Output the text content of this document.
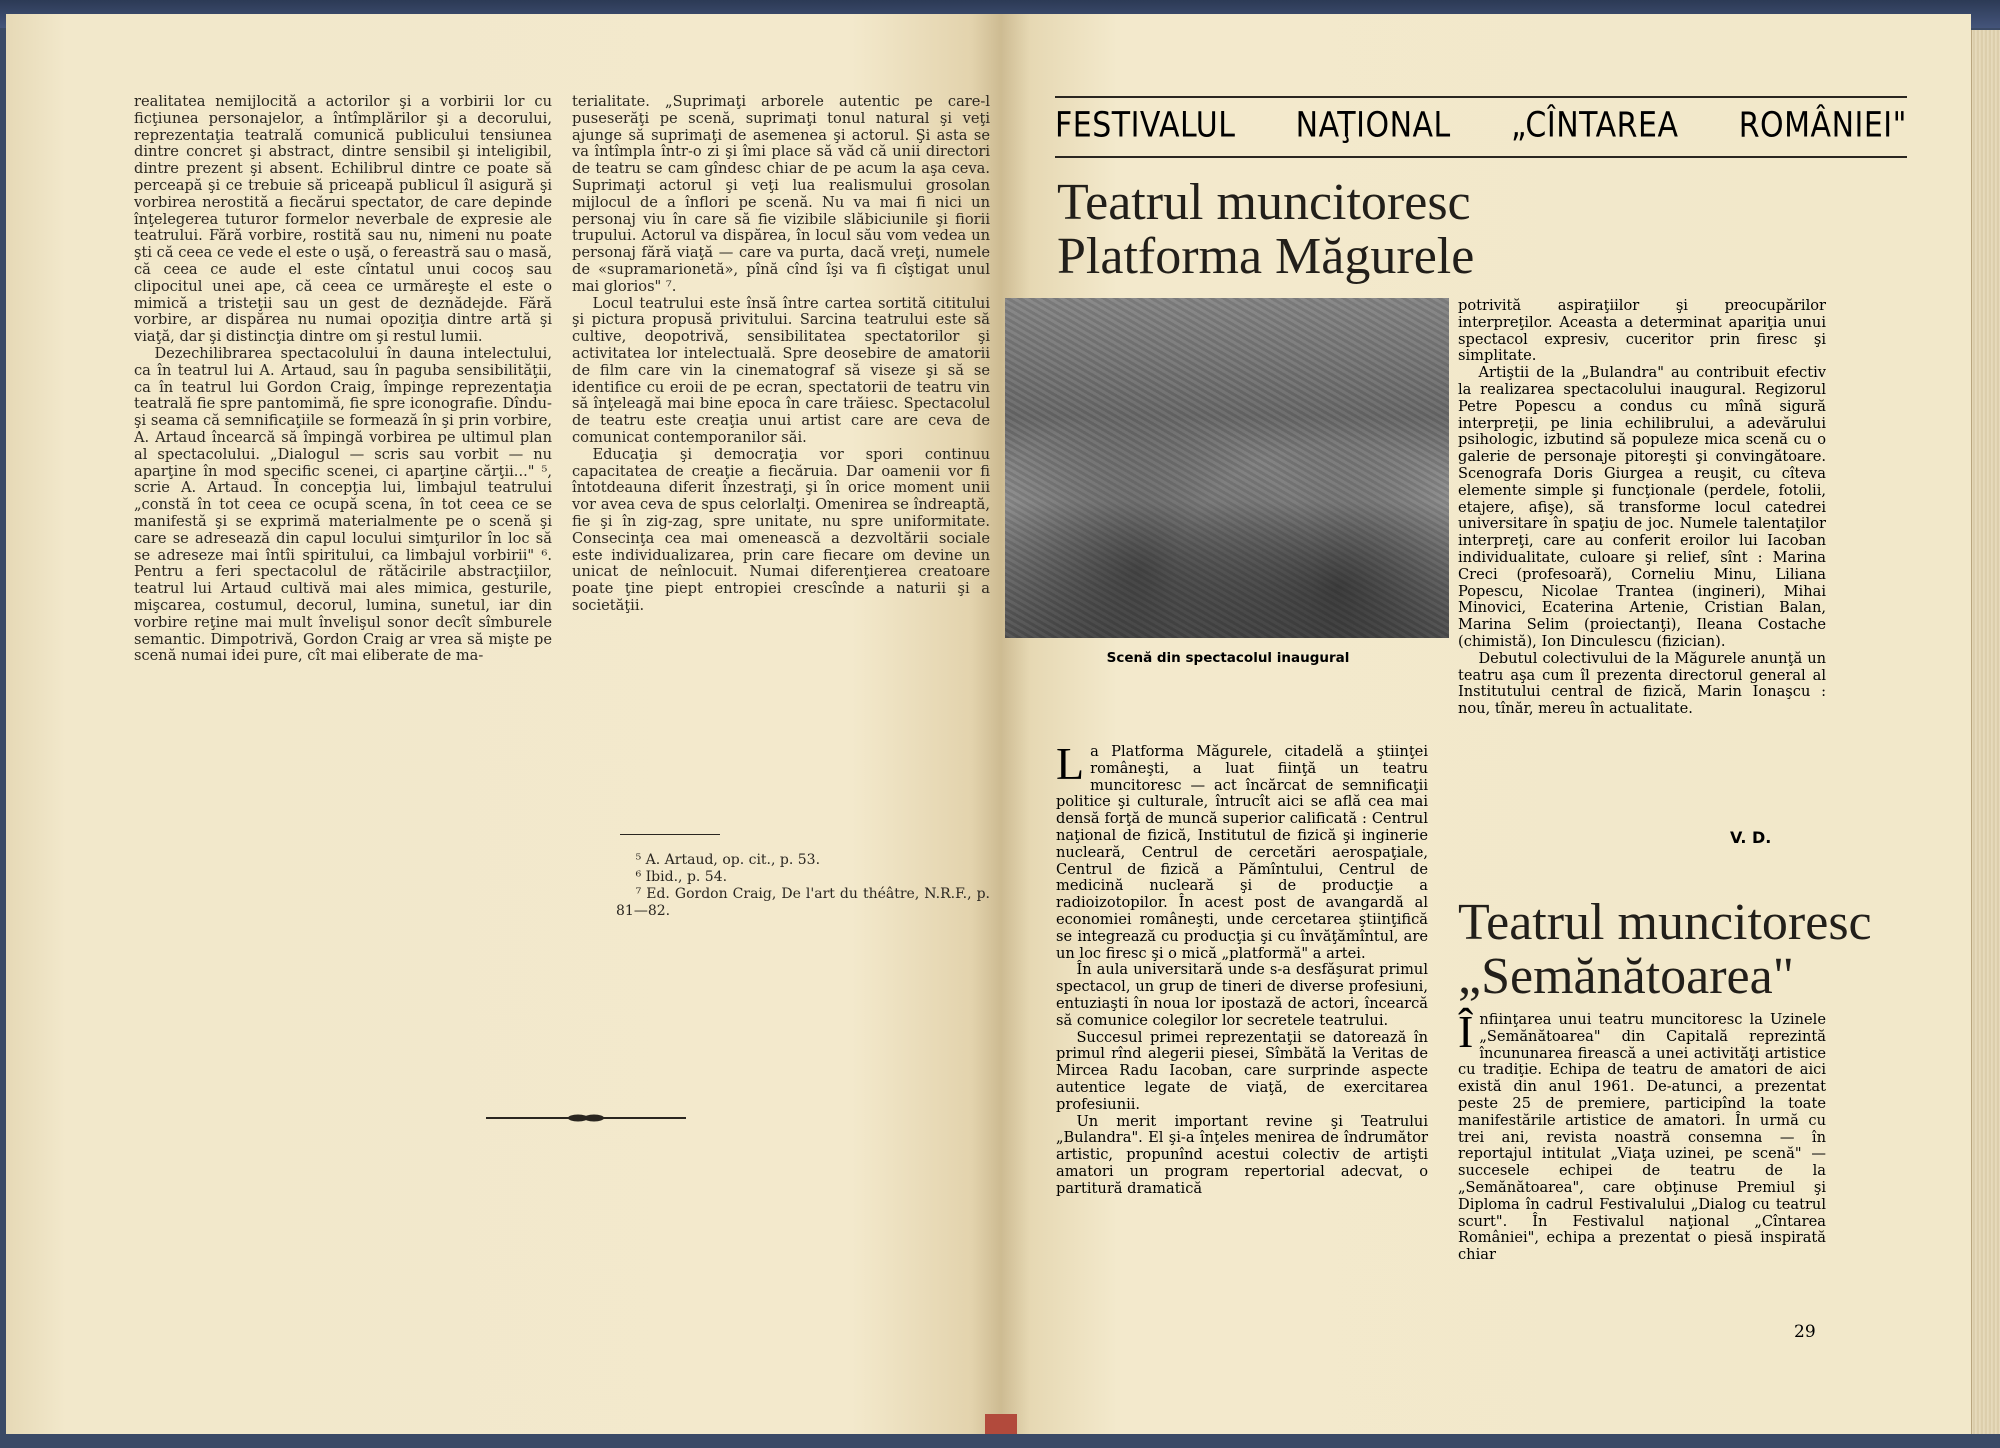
realitatea nemijlocită a actorilor şi a vorbirii lor cu ficţiunea personajelor, a întîmplărilor şi a decorului, reprezentaţia teatrală comunică publicului tensiunea dintre concret şi abstract, dintre sensibil şi inteligibil, dintre prezent şi absent. Echilibrul dintre ce poate să perceapă şi ce trebuie să priceapă publicul îl asigură şi vorbirea nerostită a fiecărui spectator, de care depinde înţelegerea tuturor formelor neverbale de expresie ale teatrului. Fără vorbire, rostită sau nu, nimeni nu poate şti că ceea ce vede el este o uşă, o fereastră sau o masă, că ceea ce aude el este cîntatul unui cocoş sau clipocitul unei ape, că ceea ce urmăreşte el este o mimică a tristeţii sau un gest de deznădejde. Fără vorbire, ar dispărea nu numai opoziţia dintre artă şi viaţă, dar şi distincţia dintre om şi restul lumii.

Dezechilibrarea spectacolului în dauna intelectului, ca în teatrul lui A. Artaud, sau în paguba sensibilităţii, ca în teatrul lui Gordon Craig, împinge reprezentaţia teatrală fie spre pantomimă, fie spre iconografie. Dîndu-şi seama că semnificaţiile se formează în şi prin vorbire, A. Artaud încearcă să împingă vorbirea pe ultimul plan al spectacolului. „Dialogul — scris sau vorbit — nu aparţine în mod specific scenei, ci aparţine cărţii..." ⁵, scrie A. Artaud. În concepţia lui, limbajul teatrului „constă în tot ceea ce ocupă scena, în tot ceea ce se manifestă şi se exprimă materialmente pe o scenă şi care se adresează din capul locului simţurilor în loc să se adreseze mai întîi spiritului, ca limbajul vorbirii" ⁶. Pentru a feri spectacolul de rătăcirile abstracţiilor, teatrul lui Artaud cultivă mai ales mimica, gesturile, mişcarea, costumul, decorul, lumina, sunetul, iar din vorbire reţine mai mult învelişul sonor decît sîmburele semantic. Dimpotrivă, Gordon Craig ar vrea să mişte pe scenă numai idei pure, cît mai eliberate de ma-

terialitate. „Suprimaţi arborele autentic pe care-l puseserăţi pe scenă, suprimaţi tonul natural şi veţi ajunge să suprimaţi de asemenea şi actorul. Şi asta se va întîmpla într-o zi şi îmi place să văd că unii directori de teatru se cam gîndesc chiar de pe acum la aşa ceva. Suprimaţi actorul şi veţi lua realismului grosolan mijlocul de a înflori pe scenă. Nu va mai fi nici un personaj viu în care să fie vizibile slăbiciunile şi fiorii trupului. Actorul va dispărea, în locul său vom vedea un personaj fără viaţă — care va purta, dacă vreţi, numele de «supramarionetă», pînă cînd îşi va fi cîştigat unul mai glorios" ⁷.

Locul teatrului este însă între cartea sortită cititului şi pictura propusă privitului. Sarcina teatrului este să cultive, deopotrivă, sensibilitatea spectatorilor şi activitatea lor intelectuală. Spre deosebire de amatorii de film care vin la cinematograf să viseze şi să se identifice cu eroii de pe ecran, spectatorii de teatru vin să înţeleagă mai bine epoca în care trăiesc. Spectacolul de teatru este creaţia unui artist care are ceva de comunicat contemporanilor săi.

Educaţia şi democraţia vor spori continuu capacitatea de creaţie a fiecăruia. Dar oamenii vor fi întotdeauna diferit înzestraţi, şi în orice moment unii vor avea ceva de spus celorlalţi. Omenirea se îndreaptă, fie şi în zig-zag, spre unitate, nu spre uniformitate. Consecinţa cea mai omenească a dezvoltării sociale este individualizarea, prin care fiecare om devine un unicat de neînlocuit. Numai diferenţierea creatoare poate ţine piept entropiei crescînde a naturii şi a societăţii.

⁵ A. Artaud, op. cit., p. 53.

⁶ Ibid., p. 54.

⁷ Ed. Gordon Craig, De l'art du théâtre, N.R.F., p. 81—82.

FESTIVALUL NAŢIONAL „CÎNTAREA ROMÂNIEI"
Teatrul muncitoresc
Platforma Măgurele
Scenă din spectacolul inaugural

La Platforma Măgurele, citadelă a ştiinţei româneşti, a luat fiinţă un teatru muncitoresc — act încărcat de semnificaţii politice şi culturale, întrucît aici se află cea mai densă forţă de muncă superior calificată : Centrul naţional de fizică, Institutul de fizică şi inginerie nucleară, Centrul de cercetări aerospaţiale, Centrul de fizică a Pămîntului, Centrul de medicină nucleară şi de producţie a radioizotopilor. În acest post de avangardă al economiei româneşti, unde cercetarea ştiinţifică se integrează cu producţia şi cu învăţămîntul, are un loc firesc şi o mică „platformă" a artei.

În aula universitară unde s-a desfăşurat primul spectacol, un grup de tineri de diverse profesiuni, entuziaşti în noua lor ipostază de actori, încearcă să comunice colegilor lor secretele teatrului.

Succesul primei reprezentaţii se datorează în primul rînd alegerii piesei, Sîmbătă la Veritas de Mircea Radu Iacoban, care surprinde aspecte autentice legate de viaţă, de exercitarea profesiunii.

Un merit important revine şi Teatrului „Bulandra". El şi-a înţeles menirea de îndrumător artistic, propunînd acestui colectiv de artişti amatori un program repertorial adecvat, o partitură dramatică

potrivită aspiraţiilor şi preocupărilor interpreţilor. Aceasta a determinat apariţia unui spectacol expresiv, cuceritor prin firesc şi simplitate.

Artiştii de la „Bulandra" au contribuit efectiv la realizarea spectacolului inaugural. Regizorul Petre Popescu a condus cu mînă sigură interpreţii, pe linia echilibrului, a adevărului psihologic, izbutind să populeze mica scenă cu o galerie de personaje pitoreşti şi convingătoare. Scenografa Doris Giurgea a reuşit, cu cîteva elemente simple şi funcţionale (perdele, fotolii, etajere, afişe), să transforme locul catedrei universitare în spaţiu de joc. Numele talentaţilor interpreţi, care au conferit eroilor lui Iacoban individualitate, culoare şi relief, sînt : Marina Creci (profesoară), Corneliu Minu, Liliana Popescu, Nicolae Trantea (ingineri), Mihai Minovici, Ecaterina Artenie, Cristian Balan, Marina Selim (proiectanţi), Ileana Costache (chimistă), Ion Dinculescu (fizician).

Debutul colectivului de la Măgurele anunţă un teatru aşa cum îl prezenta directorul general al Institutului central de fizică, Marin Ionaşcu : nou, tînăr, mereu în actualitate.

V. D.
Teatrul muncitoresc
„Semănătoarea"

Înfiinţarea unui teatru muncitoresc la Uzinele „Semănătoarea" din Capitală reprezintă încununarea firească a unei activităţi artistice cu tradiţie. Echipa de teatru de amatori de aici există din anul 1961. De-atunci, a prezentat peste 25 de premiere, participînd la toate manifestările artistice de amatori. În urmă cu trei ani, revista noastră consemna — în reportajul intitulat „Viaţa uzinei, pe scenă" — succesele echipei de teatru de la „Semănătoarea", care obţinuse Premiul şi Diploma în cadrul Festivalului „Dialog cu teatrul scurt". În Festivalul naţional „Cîntarea României", echipa a prezentat o piesă inspirată chiar

29
